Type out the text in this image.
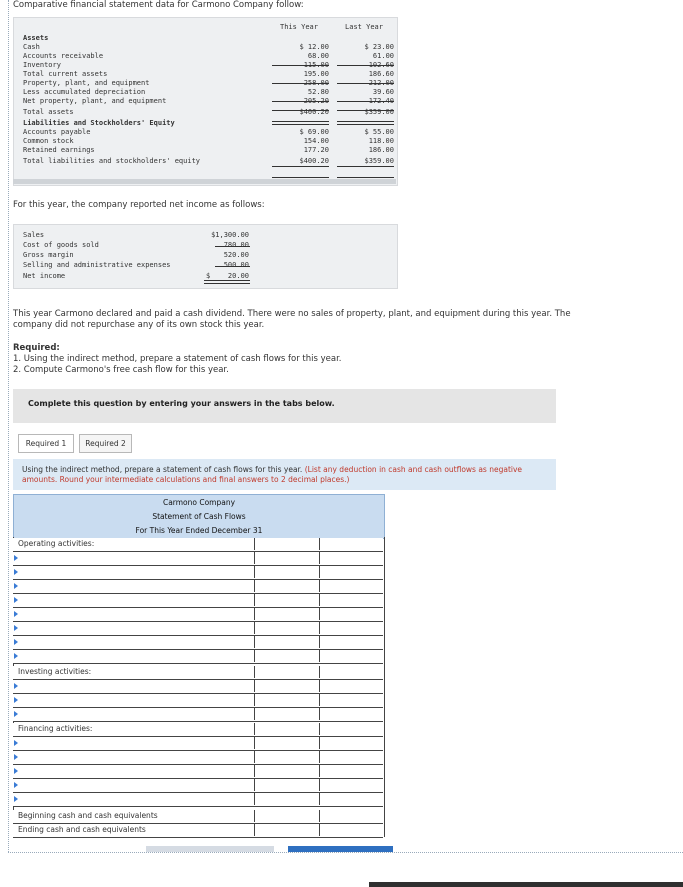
Comparative financial statement data for Carmono Company follow:
This Year	Last Year
Assets
Cash	$ 12.00	$ 23.00
Accounts receivable	68.00	61.00
Inventory	115.00	102.60
Total current assets	195.00	186.60
Property, plant, and equipment	258.00	212.00
Less accumulated depreciation	52.80	39.60
Net property, plant, and equipment	205.20	172.40
Total assets	$400.20	$359.00
Liabilities and Stockholders' Equity
Accounts payable	$ 69.00	$ 55.00
Common stock	154.00	118.00
Retained earnings	177.20	186.00
Total liabilities and stockholders' equity	$400.20	$359.00
For this year, the company reported net income as follows:
Sales	$1,300.00
Cost of goods sold	780.00
Gross margin	520.00
Selling and administrative expenses	500.00
Net income	20.00
$
This year Carmono declared and paid a cash dividend. There were no sales of property, plant, and equipment during this year. The
company did not repurchase any of its own stock this year.
Required:
1. Using the indirect method, prepare a statement of cash flows for this year.
2. Compute Carmono's free cash flow for this year.
Complete this question by entering your answers in the tabs below.
Required 1	Required 2
Using the indirect method, prepare a statement of cash flows for this year. (List any deduction in cash and cash outflows as negative amounts. Round your intermediate calculations and final answers to 2 decimal places.)
Carmono Company
Statement of Cash Flows
For This Year Ended December 31
Operating activities:
Investing activities:
Financing activities:
Beginning cash and cash equivalents
Ending cash and cash equivalents
